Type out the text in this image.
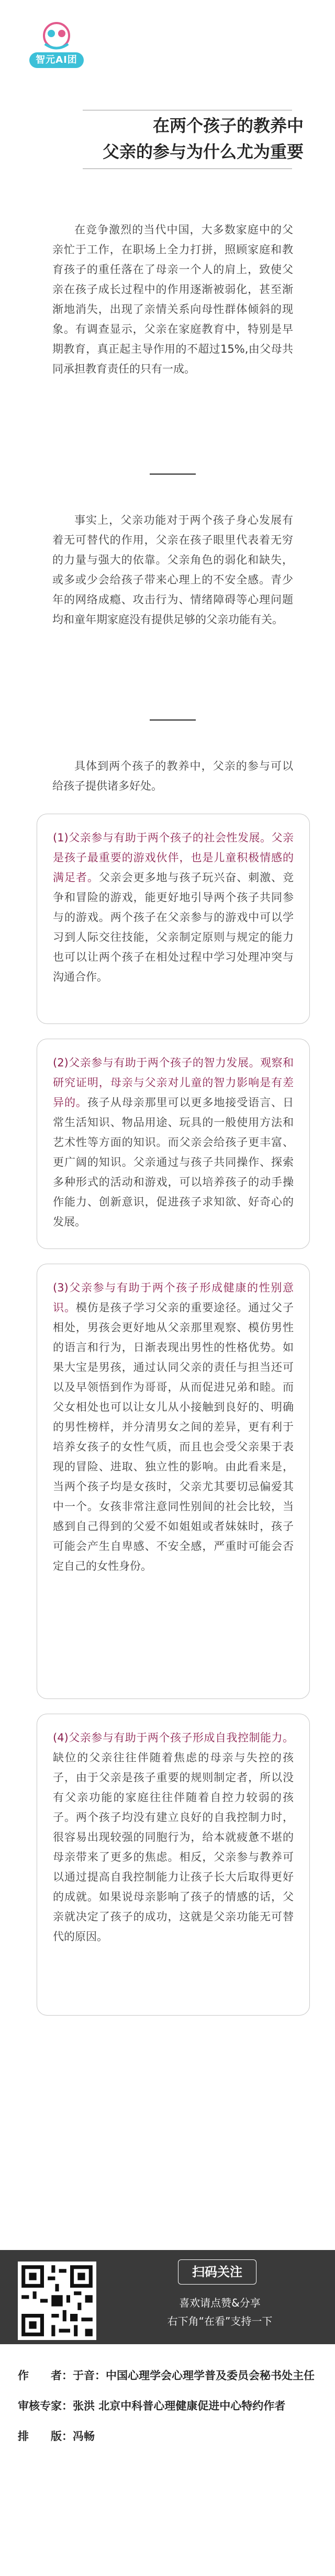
智元AI团
在两个孩子的教养中
父亲的参与为什么尤为重要

在竞争激烈的当代中国，大多数家庭中的父亲忙于工作，在职场上全力打拼，照顾家庭和教育孩子的重任落在了母亲一个人的肩上，致使父亲在孩子成长过程中的作用逐渐被弱化，甚至渐渐地消失，出现了亲情关系向母性群体倾斜的现象。有调查显示，父亲在家庭教育中，特别是早期教育，真正起主导作用的不超过15%,由父母共同承担教育责任的只有一成。

事实上，父亲功能对于两个孩子身心发展有着无可替代的作用，父亲在孩子眼里代表着无穷的力量与强大的依靠。父亲角色的弱化和缺失，或多或少会给孩子带来心理上的不安全感。青少年的网络成瘾、攻击行为、情绪障碍等心理问题均和童年期家庭没有提供足够的父亲功能有关。

具体到两个孩子的教养中，父亲的参与可以给孩子提供诸多好处。

(1)父亲参与有助于两个孩子的社会性发展。父亲是孩子最重要的游戏伙伴，也是儿童积极情感的满足者。父亲会更多地与孩子玩兴奋、刺激、竞争和冒险的游戏，能更好地引导两个孩子共同参与的游戏。两个孩子在父亲参与的游戏中可以学习到人际交往技能，父亲制定原则与规定的能力也可以让两个孩子在相处过程中学习处理冲突与沟通合作。

(2)父亲参与有助于两个孩子的智力发展。观察和研究证明，母亲与父亲对儿童的智力影响是有差异的。孩子从母亲那里可以更多地接受语言、日常生活知识、物品用途、玩具的一般使用方法和艺术性等方面的知识。而父亲会给孩子更丰富、更广阔的知识。父亲通过与孩子共同操作、探索多种形式的活动和游戏，可以培养孩子的动手操作能力、创新意识，促进孩子求知欲、好奇心的发展。

(3)父亲参与有助于两个孩子形成健康的性别意识。模仿是孩子学习父亲的重要途径。通过父子相处，男孩会更好地从父亲那里观察、模仿男性的语言和行为，日渐表现出男性的性格优势。如果大宝是男孩，通过认同父亲的责任与担当还可以及早领悟到作为哥哥，从而促进兄弟和睦。而父女相处也可以让女儿从小接触到良好的、明确的男性榜样，并分清男女之间的差异，更有利于培养女孩子的女性气质，而且也会受父亲果于表现的冒险、进取、独立性的影响。由此看来是，当两个孩子均是女孩时，父亲尤其要切忌偏爱其中一个。女孩非常注意同性别间的社会比较，当感到自己得到的父爱不如姐姐或者妹妹时，孩子可能会产生自卑感、不安全感，严重时可能会否定自己的女性身份。

(4)父亲参与有助于两个孩子形成自我控制能力。缺位的父亲往往伴随着焦虑的母亲与失控的孩子，由于父亲是孩子重要的规则制定者，所以没有父亲功能的家庭往往伴随着自控力较弱的孩子。两个孩子均没有建立良好的自我控制力时，很容易出现较强的同胞行为，给本就疲惫不堪的母亲带来了更多的焦虑。相反，父亲参与教养可以通过提高自我控制能力让孩子长大后取得更好的成就。如果说母亲影响了孩子的情感的话，父亲就决定了孩子的成功，这就是父亲功能无可替代的原因。

扫码关注
喜欢请点赞&分享
右下角“在看”支持一下
作　　者：于音：中国心理学会心理学普及委员会秘书处主任
审核专家：张洪 北京中科普心理健康促进中心特约作者
排　　版：冯畅
